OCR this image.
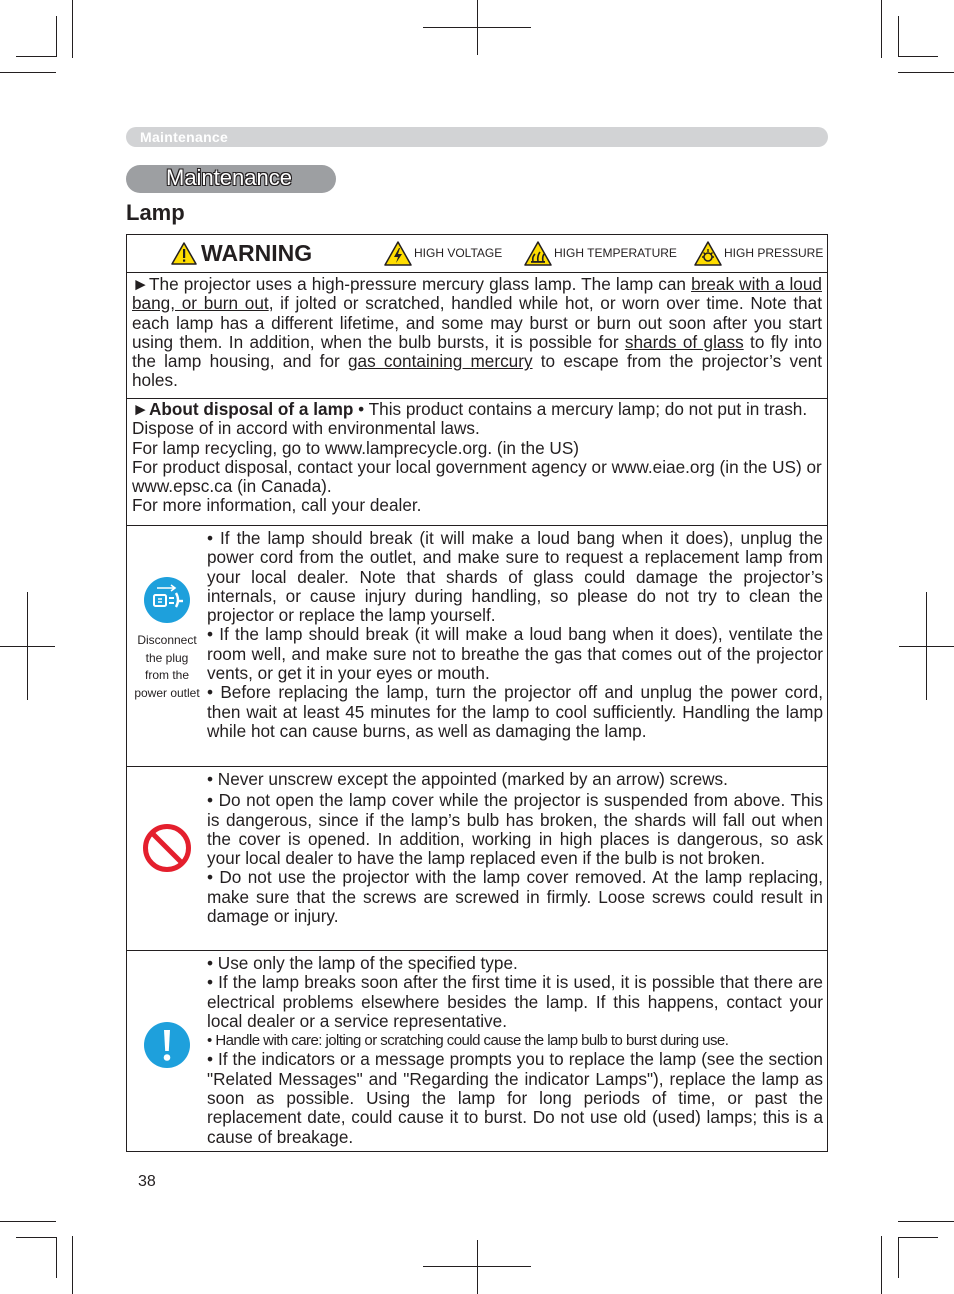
Maintenance
Maintenance
Lamp
WARNING	HIGH VOLTAGE	HIGH TEMPERATURE	HIGH PRESSURE
►The projector uses a high-pressure mercury glass lamp. The lamp can break with a loud bang, or burn out, if jolted or scratched, handled while hot, or worn over time. Note that each lamp has a different lifetime, and some may burst or burn out soon after you start using them. In addition, when the bulb bursts, it is possible for shards of glass to fly into the lamp housing, and for gas containing mercury to escape from the projector’s vent holes.
►About disposal of a lamp • This product contains a mercury lamp; do not put in trash. Dispose of in accord with environmental laws.
For lamp recycling, go to www.lamprecycle.org. (in the US)
For product disposal, contact your local government agency or www.eiae.org (in the US) or www.epsc.ca (in Canada).
For more information, call your dealer.
Disconnect the plug from the power outlet
• If the lamp should break (it will make a loud bang when it does), unplug the power cord from the outlet, and make sure to request a replacement lamp from your local dealer. Note that shards of glass could damage the projector’s internals, or cause injury during handling, so please do not try to clean the projector or replace the lamp yourself.
• If the lamp should break (it will make a loud bang when it does), ventilate the room well, and make sure not to breathe the gas that comes out of the projector vents, or get it in your eyes or mouth.
• Before replacing the lamp, turn the projector off and unplug the power cord, then wait at least 45 minutes for the lamp to cool sufficiently. Handling the lamp while hot can cause burns, as well as damaging the lamp.
• Never unscrew except the appointed (marked by an arrow) screws.
• Do not open the lamp cover while the projector is suspended from above. This is dangerous, since if the lamp’s bulb has broken, the shards will fall out when the cover is opened. In addition, working in high places is dangerous, so ask your local dealer to have the lamp replaced even if the bulb is not broken.
• Do not use the projector with the lamp cover removed. At the lamp replacing, make sure that the screws are screwed in firmly. Loose screws could result in damage or injury.
• Use only the lamp of the specified type.
• If the lamp breaks soon after the first time it is used, it is possible that there are electrical problems elsewhere besides the lamp. If this happens, contact your local dealer or a service representative.
• Handle with care: jolting or scratching could cause the lamp bulb to burst during use.
• If the indicators or a message prompts you to replace the lamp (see the section "Related Messages" and "Regarding the indicator Lamps"), replace the lamp as soon as possible. Using the lamp for long periods of time, or past the replacement date, could cause it to burst. Do not use old (used) lamps; this is a cause of breakage.
38
